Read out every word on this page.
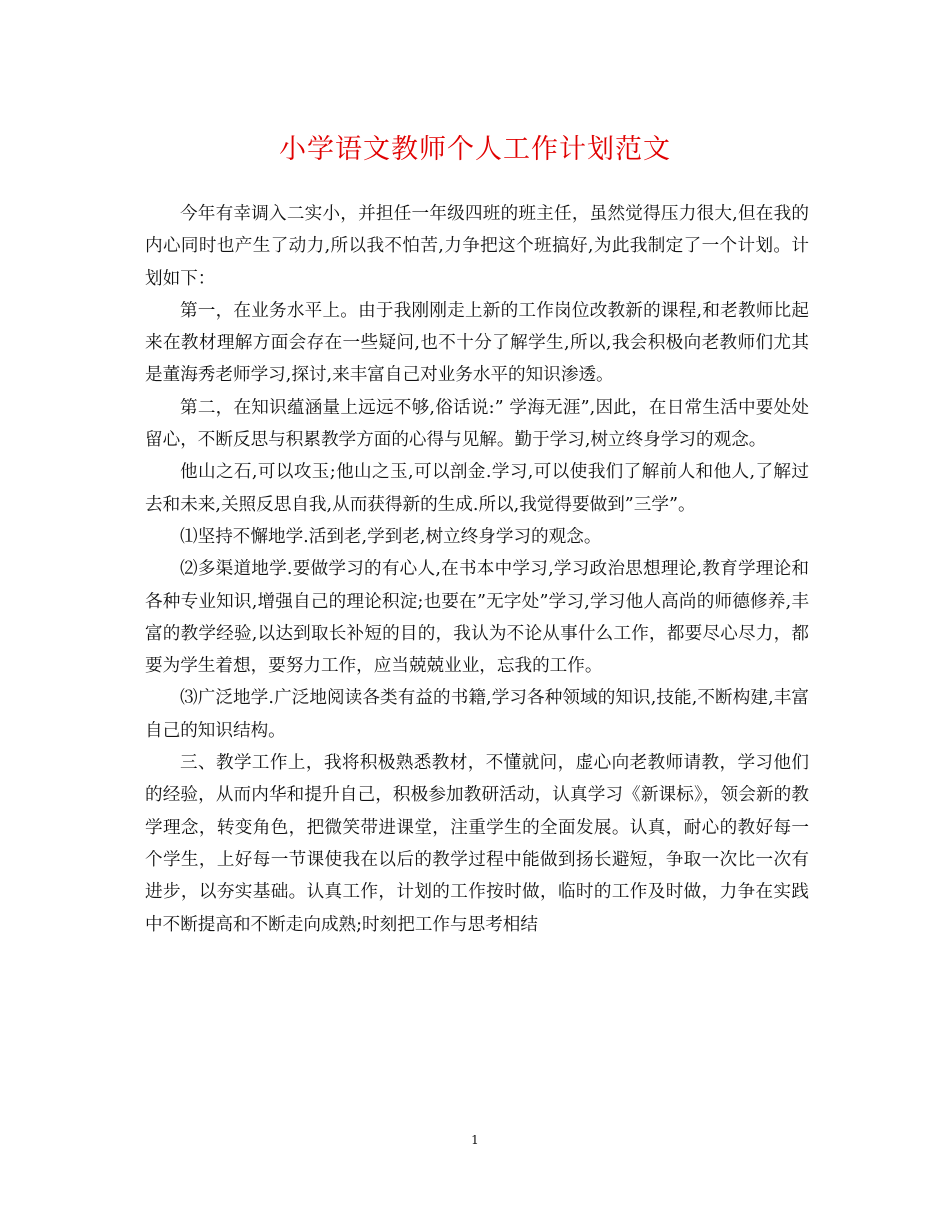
小学语文教师个人工作计划范文

今年有幸调入二实小，并担任一年级四班的班主任，虽然觉得压力很大,但在我的内心同时也产生了动力,所以我不怕苦,力争把这个班搞好,为此我制定了一个计划。计划如下：

第一，在业务水平上。由于我刚刚走上新的工作岗位改教新的课程,和老教师比起来在教材理解方面会存在一些疑问,也不十分了解学生,所以,我会积极向老教师们尤其是董海秀老师学习,探讨,来丰富自己对业务水平的知识渗透。

第二，在知识蕴涵量上远远不够,俗话说:” 学海无涯”,因此，在日常生活中要处处留心，不断反思与积累教学方面的心得与见解。勤于学习,树立终身学习的观念。

他山之石,可以攻玉;他山之玉,可以剖金.学习,可以使我们了解前人和他人,了解过去和未来,关照反思自我,从而获得新的生成.所以,我觉得要做到”三学”。

⑴坚持不懈地学.活到老,学到老,树立终身学习的观念。

⑵多渠道地学.要做学习的有心人,在书本中学习,学习政治思想理论,教育学理论和各种专业知识,增强自己的理论积淀;也要在”无字处”学习,学习他人高尚的师德修养,丰富的教学经验,以达到取长补短的目的，我认为不论从事什么工作，都要尽心尽力，都要为学生着想，要努力工作，应当兢兢业业，忘我的工作。

⑶广泛地学.广泛地阅读各类有益的书籍,学习各种领域的知识,技能,不断构建,丰富自己的知识结构。

三、教学工作上，我将积极熟悉教材，不懂就问，虚心向老教师请教，学习他们的经验，从而内华和提升自己，积极参加教研活动，认真学习《新课标》，领会新的教学理念，转变角色，把微笑带进课堂，注重学生的全面发展。认真，耐心的教好每一个学生，上好每一节课使我在以后的教学过程中能做到扬长避短，争取一次比一次有进步，以夯实基础。认真工作，计划的工作按时做，临时的工作及时做，力争在实践中不断提高和不断走向成熟;时刻把工作与思考相结

1
